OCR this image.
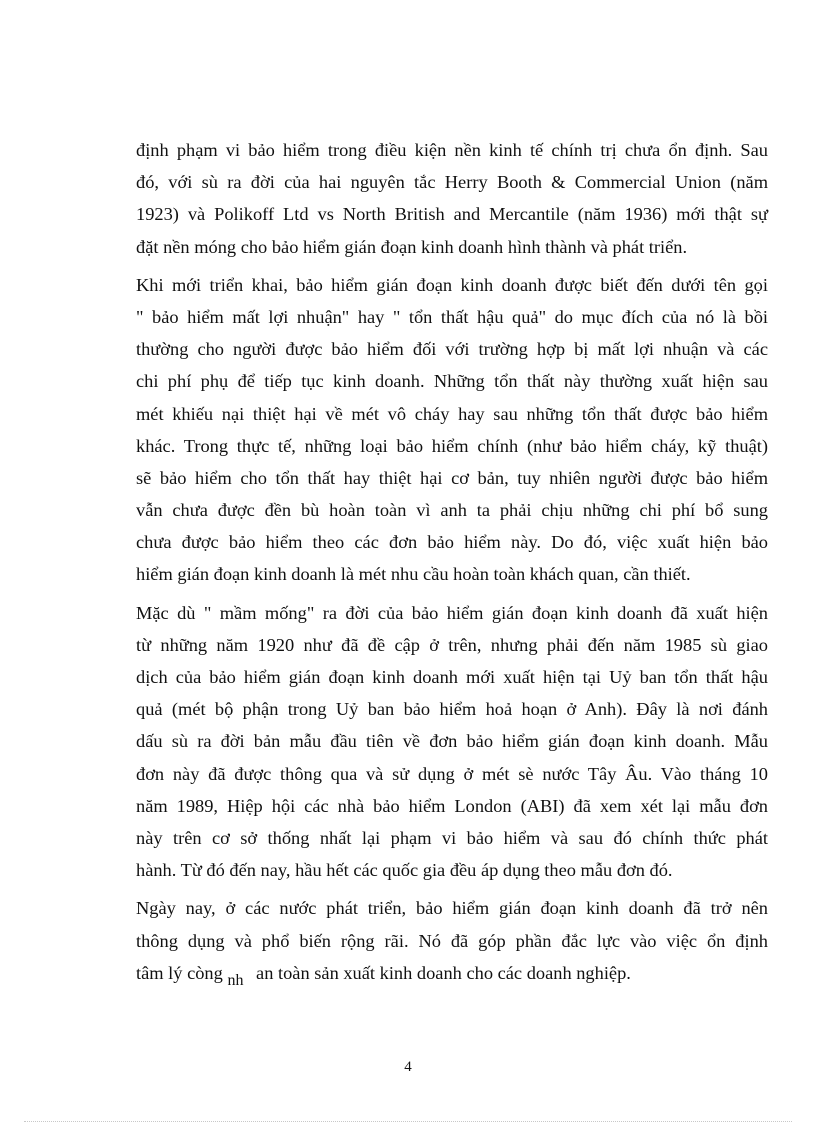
định phạm vi bảo hiểm trong điều kiện nền kinh tế chính trị chưa ổn định. Sau
đó, với sù ra đời của hai nguyên tắc Herry Booth & Commercial Union (năm
1923) và Polikoff Ltd vs North British and Mercantile (năm 1936) mới thật sự
đặt nền móng cho bảo hiểm gián đoạn kinh doanh hình thành và phát triển.
Khi mới triển khai, bảo hiểm gián đoạn kinh doanh được biết đến dưới tên gọi
" bảo hiểm mất lợi nhuận" hay " tổn thất hậu quả" do mục đích của nó là bồi
thường cho người được bảo hiểm đối với trường hợp bị mất lợi nhuận và các
chi phí phụ để tiếp tục kinh doanh. Những tổn thất này thường xuất hiện sau
mét khiếu nại thiệt hại về mét vô cháy hay sau những tổn thất được bảo hiểm
khác. Trong thực tế, những loại bảo hiểm chính (như bảo hiểm cháy, kỹ thuật)
sẽ bảo hiểm cho tổn thất hay thiệt hại cơ bản, tuy nhiên người được bảo hiểm
vẫn chưa được đền bù hoàn toàn vì anh ta phải chịu những chi phí bổ sung
chưa được bảo hiểm theo các đơn bảo hiểm này. Do đó, việc xuất hiện bảo
hiểm gián đoạn kinh doanh là mét nhu cầu hoàn toàn khách quan, cần thiết.
Mặc dù " mầm mống" ra đời của bảo hiểm gián đoạn kinh doanh đã xuất hiện
từ những năm 1920 như đã đề cập ở trên, nhưng phải đến năm 1985 sù giao
dịch của bảo hiểm gián đoạn kinh doanh mới xuất hiện tại Uỷ ban tổn thất hậu
quả (mét bộ phận trong Uỷ ban bảo hiểm hoả hoạn ở Anh). Đây là nơi đánh
dấu sù ra đời bản mẫu đầu tiên về đơn bảo hiểm gián đoạn kinh doanh. Mẫu
đơn này đã được thông qua và sử dụng ở mét sè nước Tây Âu. Vào tháng 10
năm 1989, Hiệp hội các nhà bảo hiểm London (ABI) đã xem xét lại mẫu đơn
này trên cơ sở thống nhất lại phạm vi bảo hiểm và sau đó chính thức phát
hành. Từ đó đến nay, hầu hết các quốc gia đều áp dụng theo mẫu đơn đó.
Ngày nay, ở các nước phát triển, bảo hiểm gián đoạn kinh doanh đã trở nên
thông dụng và phổ biến rộng rãi. Nó đã góp phần đắc lực vào việc ổn định
tâm lý còng nh an toàn sản xuất kinh doanh cho các doanh nghiệp.
4
